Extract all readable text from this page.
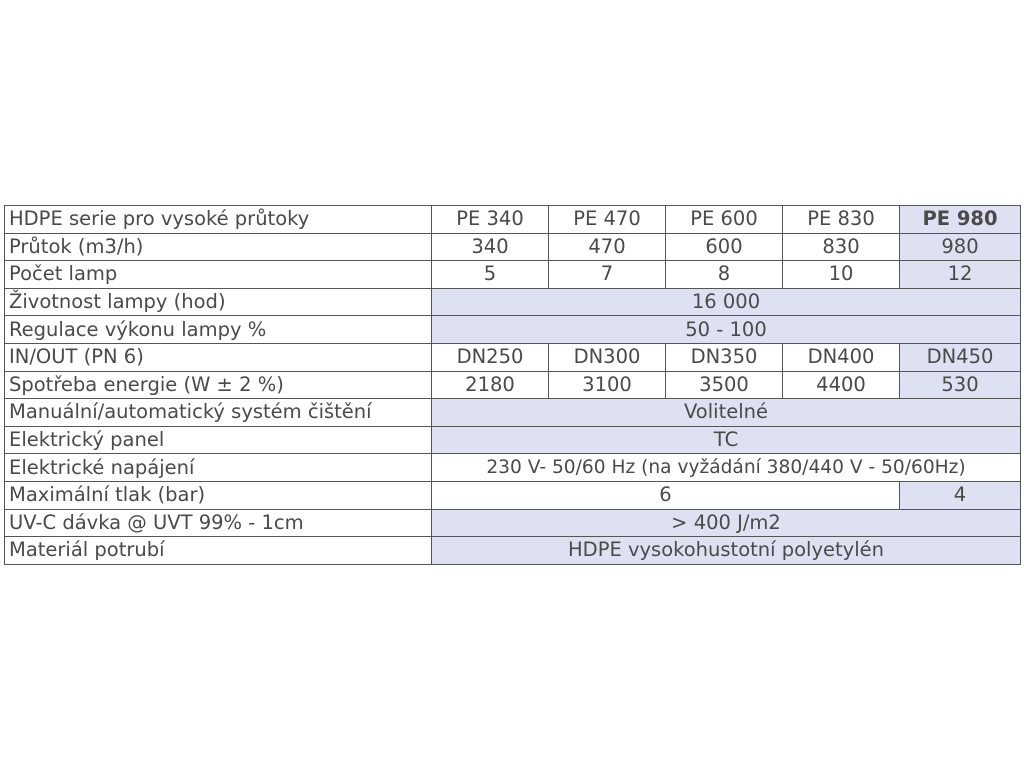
HDPE serie pro vysoké průtoky	PE 340	PE 470	PE 600	PE 830	PE 980
Průtok (m3/h)	340	470	600	830	980
Počet lamp	5	7	8	10	12
Životnost lampy (hod)	16 000				
Regulace výkonu lampy %	50 - 100				
IN/OUT (PN 6)	DN250	DN300	DN350	DN400	DN450
Spotřeba energie (W ± 2 %)	2180	3100	3500	4400	530
Manuální/automatický systém čištění	Volitelné				
Elektrický panel	TC				
Elektrické napájení	230 V- 50/60 Hz (na vyžádání 380/440 V - 50/60Hz)				
Maximální tlak (bar)	6				4
UV-C dávka @ UVT 99% - 1cm	> 400 J/m2				
Materiál potrubí	HDPE vysokohustotní polyetylén				
